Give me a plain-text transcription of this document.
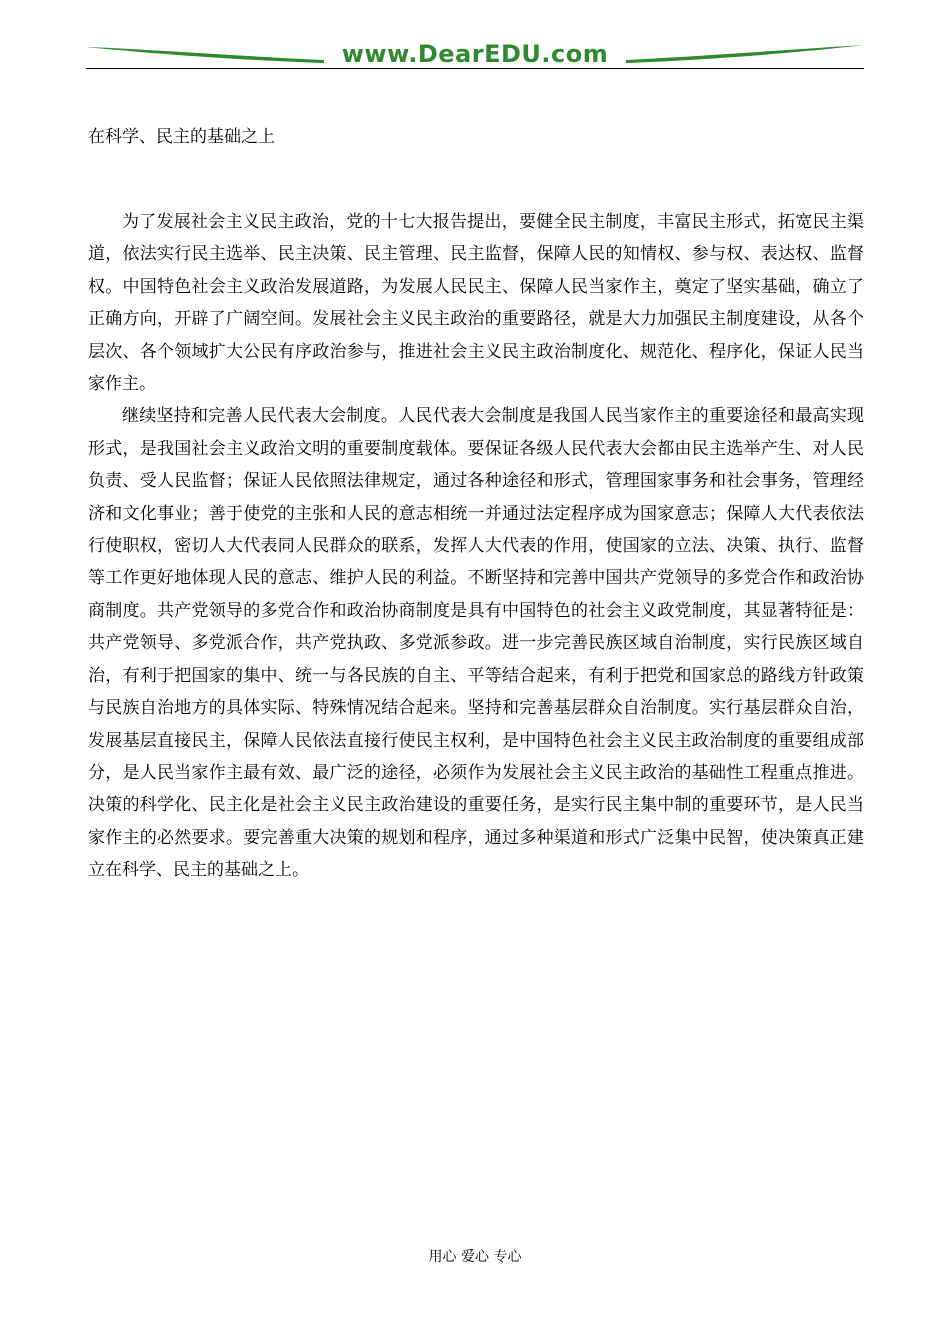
www.DearEDU.com
在科学、民主的基础之上

为了发展社会主义民主政治，党的十七大报告提出，要健全民主制度，丰富民主形式，拓宽民主渠道，依法实行民主选举、民主决策、民主管理、民主监督，保障人民的知情权、参与权、表达权、监督权。中国特色社会主义政治发展道路，为发展人民民主、保障人民当家作主，奠定了坚实基础，确立了正确方向，开辟了广阔空间。发展社会主义民主政治的重要路径，就是大力加强民主制度建设，从各个层次、各个领域扩大公民有序政治参与，推进社会主义民主政治制度化、规范化、程序化，保证人民当家作主。

继续坚持和完善人民代表大会制度。人民代表大会制度是我国人民当家作主的重要途径和最高实现形式，是我国社会主义政治文明的重要制度载体。要保证各级人民代表大会都由民主选举产生、对人民负责、受人民监督；保证人民依照法律规定，通过各种途径和形式，管理国家事务和社会事务，管理经济和文化事业；善于使党的主张和人民的意志相统一并通过法定程序成为国家意志；保障人大代表依法行使职权，密切人大代表同人民群众的联系，发挥人大代表的作用，使国家的立法、决策、执行、监督等工作更好地体现人民的意志、维护人民的利益。不断坚持和完善中国共产党领导的多党合作和政治协商制度。共产党领导的多党合作和政治协商制度是具有中国特色的社会主义政党制度，其显著特征是：共产党领导、多党派合作，共产党执政、多党派参政。进一步完善民族区域自治制度，实行民族区域自治，有利于把国家的集中、统一与各民族的自主、平等结合起来，有利于把党和国家总的路线方针政策与民族自治地方的具体实际、特殊情况结合起来。坚持和完善基层群众自治制度。实行基层群众自治，发展基层直接民主，保障人民依法直接行使民主权利，是中国特色社会主义民主政治制度的重要组成部分，是人民当家作主最有效、最广泛的途径，必须作为发展社会主义民主政治的基础性工程重点推进。决策的科学化、民主化是社会主义民主政治建设的重要任务，是实行民主集中制的重要环节，是人民当家作主的必然要求。要完善重大决策的规划和程序，通过多种渠道和形式广泛集中民智，使决策真正建立在科学、民主的基础之上。

用心 爱心 专心
